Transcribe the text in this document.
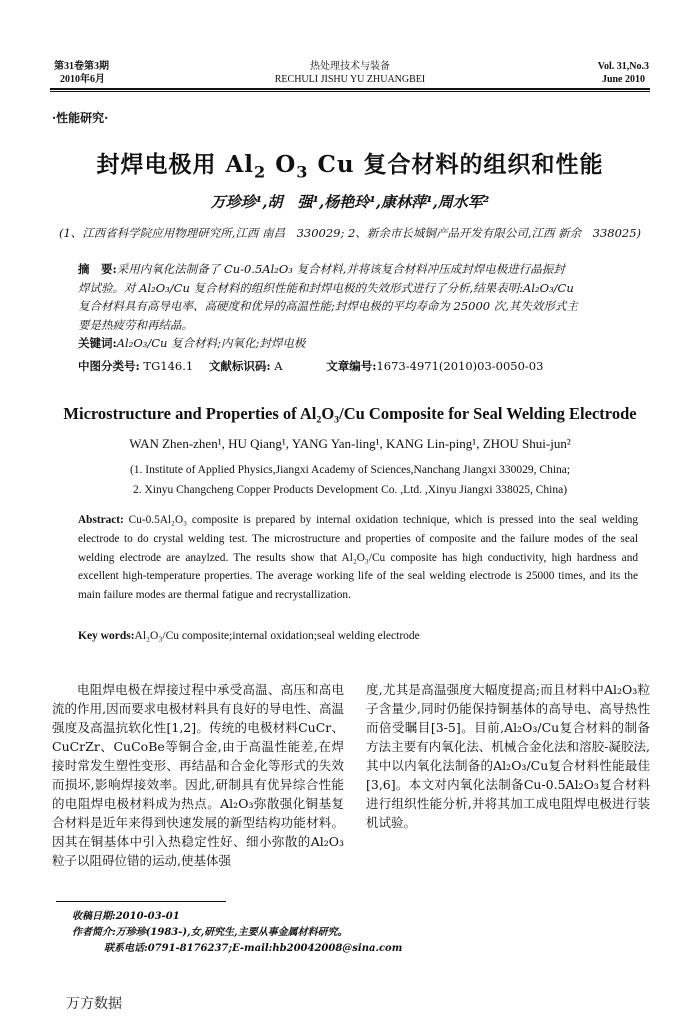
第31卷第3期
2010年6月
热处理技术与装备
RECHULI JISHU YU ZHUANGBEI
Vol. 31,No.3
June 2010
·性能研究·
封焊电极用 $Al_2$ $O_3$ Cu 复合材料的组织和性能
万珍珍¹,胡　强¹,杨艳玲¹,康林萍¹,周水军²
(1、江西省科学院应用物理研究所,江西 南昌　330029; 2、新余市长城铜产品开发有限公司,江西 新余　338025)
摘　要:采用内氧化法制备了 Cu-0.5Al₂O₃ 复合材料,并将该复合材料冲压成封焊电极进行晶振封
焊试验。对 Al₂O₃/Cu 复合材料的组织性能和封焊电极的失效形式进行了分析,结果表明:Al₂O₃/Cu
复合材料具有高导电率、高硬度和优异的高温性能;封焊电极的平均寿命为 25000 次,其失效形式主
要是热疲劳和再结晶。
关键词:Al₂O₃/Cu 复合材料;内氧化;封焊电极
中图分类号: TG146.1 文献标识码: A	文章编号:1673-4971(2010)03-0050-03
Microstructure and Properties of Al₂O₃/Cu Composite for Seal Welding Electrode
WAN Zhen-zhen¹, HU Qiang¹, YANG Yan-ling¹, KANG Lin-ping¹, ZHOU Shui-jun²
(1. Institute of Applied Physics,Jiangxi Academy of Sciences,Nanchang Jiangxi 330029, China;
2. Xinyu Changcheng Copper Products Development Co. ,Ltd. ,Xinyu Jiangxi 338025, China)
Abstract: Cu-0.5Al₂O₃ composite is prepared by internal oxidation technique, which is pressed into the seal welding electrode to do crystal welding test. The microstructure and properties of composite and the failure modes of the seal welding electrode are anaylzed. The results show that Al₂O₃/Cu composite has high conductivity, high hardness and excellent high-temperature properties. The average working life of the seal welding electrode is 25000 times, and its the main failure modes are thermal fatigue and recrystallization.
Key words:Al₂O₃/Cu composite;internal oxidation;seal welding electrode

电阻焊电极在焊接过程中承受高温、高压和高电流的作用,因而要求电极材料具有良好的导电性、高温强度及高温抗软化性[1,2]。传统的电极材料CuCr、CuCrZr、CuCoBe等铜合金,由于高温性能差,在焊接时常发生塑性变形、再结晶和合金化等形式的失效而损坏,影响焊接效率。因此,研制具有优异综合性能的电阻焊电极材料成为热点。Al₂O₃弥散强化铜基复合材料是近年来得到快速发展的新型结构功能材料。因其在铜基体中引入热稳定性好、细小弥散的Al₂O₃粒子以阻碍位错的运动,使基体强

度,尤其是高温强度大幅度提高;而且材料中Al₂O₃粒子含量少,同时仍能保持铜基体的高导电、高导热性而倍受瞩目[3-5]。目前,Al₂O₃/Cu复合材料的制备方法主要有内氧化法、机械合金化法和溶胶-凝胶法,其中以内氧化法制备的Al₂O₃/Cu复合材料性能最佳[3,6]。本文对内氧化法制备Cu-0.5Al₂O₃复合材料进行组织性能分析,并将其加工成电阻焊电极进行装机试验。

收稿日期:2010-03-01
作者简介:万珍珍(1983-),女,研究生,主要从事金属材料研究。
联系电话:0791-8176237;E-mail:hb20042008@sina.com
万方数据
